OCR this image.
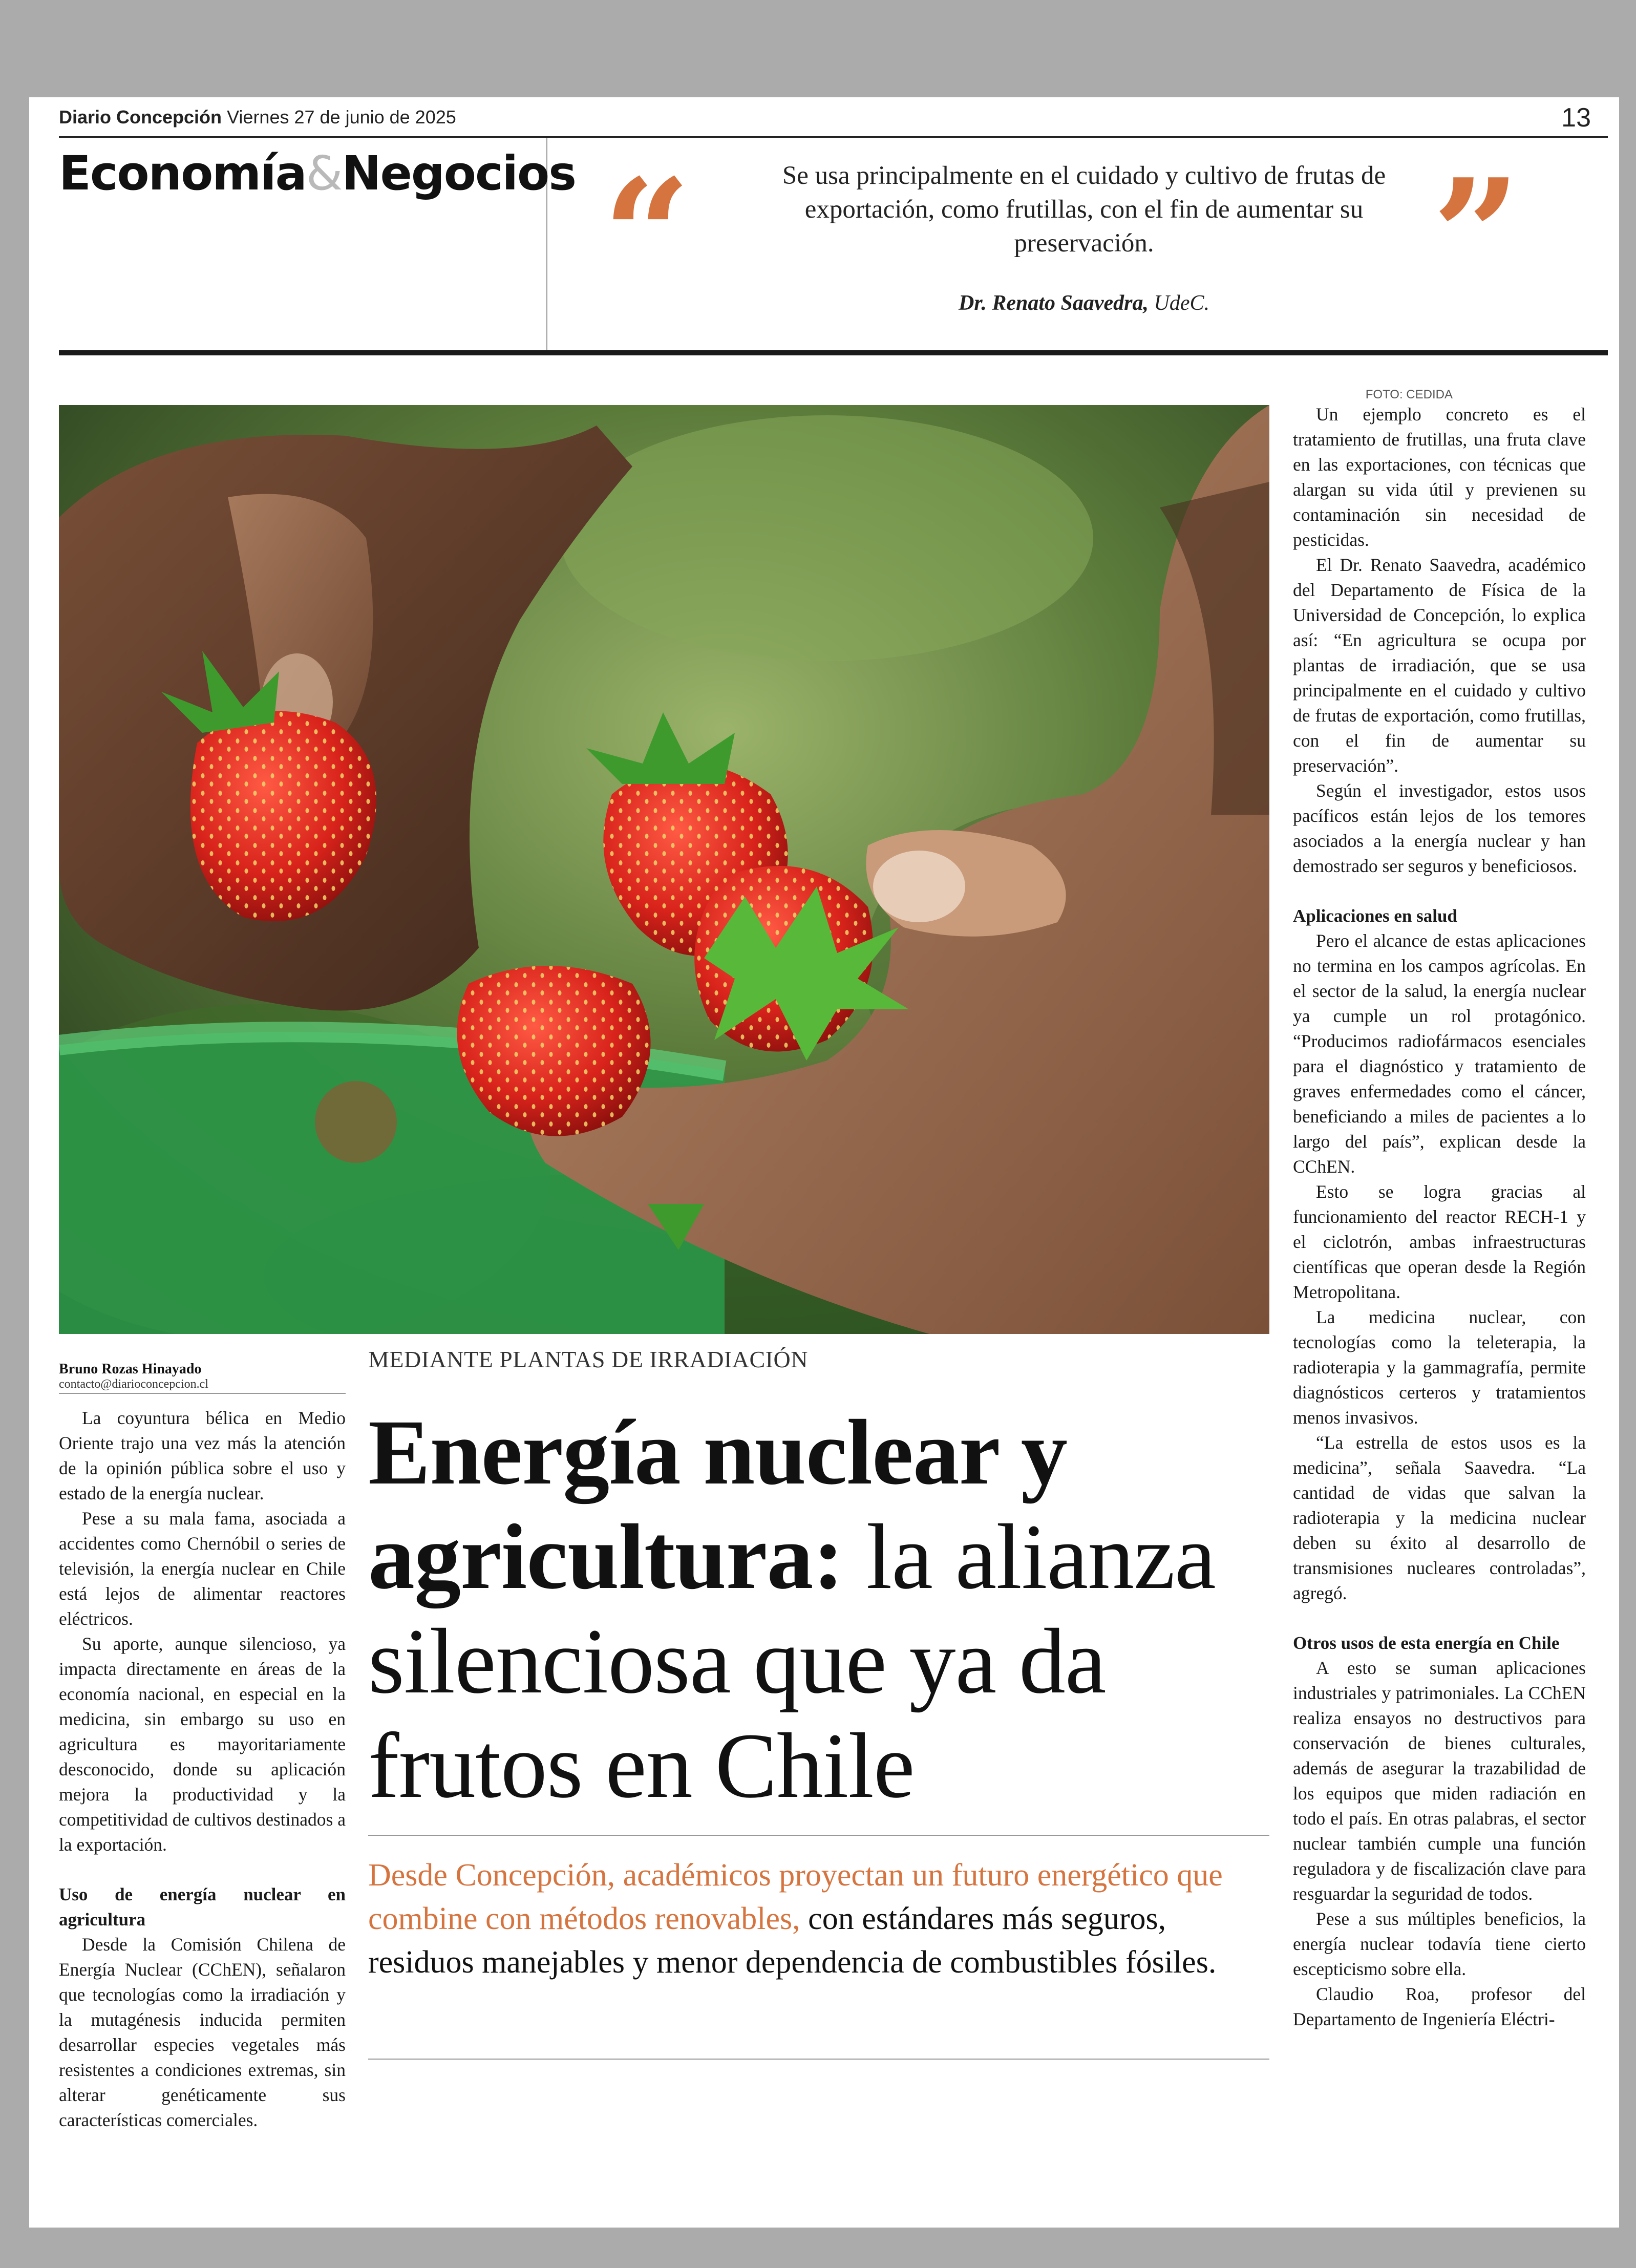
Diario Concepción Viernes 27 de junio de 2025	13
Economía&Negocios “	Se usa principalmente en el cuidado y cultivo de frutas de exportación, como frutillas, con el fin de aumentar su preservación.	”
Dr. Renato Saavedra, UdeC.
FOTO: CEDIDA
Bruno Rozas Hinayado
contacto@diarioconcepcion.cl

La coyuntura bélica en Medio Oriente trajo una vez más la atención de la opinión pública sobre el uso y estado de la energía nuclear.

Pese a su mala fama, asociada a accidentes como Chernóbil o series de televisión, la energía nuclear en Chile está lejos de alimentar reactores eléctricos.

Su aporte, aunque silencioso, ya impacta directamente en áreas de la economía nacional, en especial en la medicina, sin embargo su uso en agricultura es mayoritariamente desconocido, donde su aplicación mejora la productividad y la competitividad de cultivos destinados a la exportación.

Uso de energía nuclear en agricultura

Desde la Comisión Chilena de Energía Nuclear (CChEN), señalaron que tecnologías como la irradiación y la mutagénesis inducida permiten desarrollar especies vegetales más resistentes a condiciones extremas, sin alterar genéticamente sus características comerciales.

MEDIANTE PLANTAS DE IRRADIACIÓN
Energía nuclear y
agricultura: la alianza
silenciosa que ya da
frutos en Chile
Desde Concepción, académicos proyectan un futuro energético que combine con métodos renovables, con estándares más seguros, residuos manejables y menor dependencia de combustibles fósiles.

Un ejemplo concreto es el tratamiento de frutillas, una fruta clave en las exportaciones, con técnicas que alargan su vida útil y previenen su contaminación sin necesidad de pesticidas.

El Dr. Renato Saavedra, académico del Departamento de Física de la Universidad de Concepción, lo explica así: “En agricultura se ocupa por plantas de irradiación, que se usa principalmente en el cuidado y cultivo de frutas de exportación, como frutillas, con el fin de aumentar su preservación”.

Según el investigador, estos usos pacíficos están lejos de los temores asociados a la energía nuclear y han demostrado ser seguros y beneficiosos.

Aplicaciones en salud

Pero el alcance de estas aplicaciones no termina en los campos agrícolas. En el sector de la salud, la energía nuclear ya cumple un rol protagónico. “Producimos radiofármacos esenciales para el diagnóstico y tratamiento de graves enfermedades como el cáncer, beneficiando a miles de pacientes a lo largo del país”, explican desde la CChEN.

Esto se logra gracias al funcionamiento del reactor RECH-1 y el ciclotrón, ambas infraestructuras científicas que operan desde la Región Metropolitana.

La medicina nuclear, con tecnologías como la teleterapia, la radioterapia y la gammagrafía, permite diagnósticos certeros y tratamientos menos invasivos.

“La estrella de estos usos es la medicina”, señala Saavedra. “La cantidad de vidas que salvan la radioterapia y la medicina nuclear deben su éxito al desarrollo de transmisiones nucleares controladas”, agregó.

Otros usos de esta energía en Chile

A esto se suman aplicaciones industriales y patrimoniales. La CChEN realiza ensayos no destructivos para conservación de bienes culturales, además de asegurar la trazabilidad de los equipos que miden radiación en todo el país. En otras palabras, el sector nuclear también cumple una función reguladora y de fiscalización clave para resguardar la seguridad de todos.

Pese a sus múltiples beneficios, la energía nuclear todavía tiene cierto escepticismo sobre ella.

Claudio Roa, profesor del Departamento de Ingeniería Eléctri-
